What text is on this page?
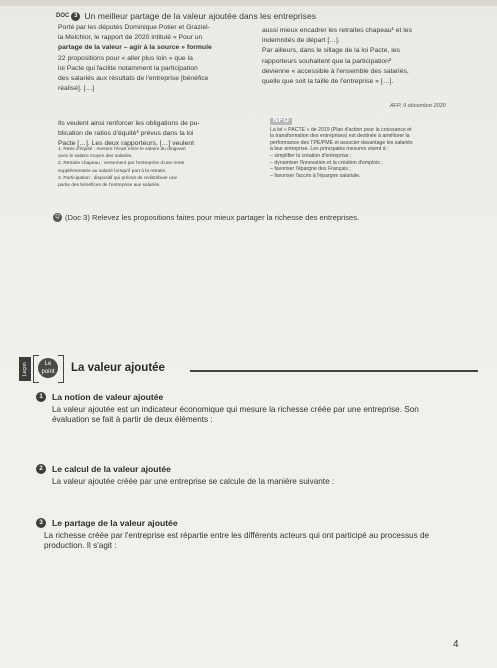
DOC 3 Un meilleur partage de la valeur ajoutée dans les entreprises

Porté par les députés Dominique Potier et Graziel-

la Melchior, le rapport de 2020 intitulé « Pour un

partage de la valeur – agir à la source » formule

22 propositions pour « aller plus loin » que la

loi Pacte qui facilite notamment la participation

des salariés aux résultats de l'entreprise [bénéfice

réalisé]. […]

aussi mieux encadrer les retraites chapeau¹ et les

indemnités de départ […].

Par ailleurs, dans le sillage de la loi Pacte, les

rapporteurs souhaitent que la participation²

devienne « accessible à l'ensemble des salariés,

quelle que soit la taille de l'entreprise » […].

AFP, 9 décembre 2020

Ils veulent ainsi renforcer les obligations de pu-

blication de ratios d'équité³ prévus dans la loi

Pacte […]. Les deux rapporteurs, […] veulent

1. Ratio d'équité : mesure l'écart entre le salaire du dirigeant
avec le salaire moyen des salariés.
2. Retraite chapeau : versement par l'entreprise d'une rente
supplémentaire au salarié lorsqu'il part à la retraite.
3. Participation : dispositif qui prévoit de redistribuer une
partie des bénéfices de l'entreprise aux salariés.
NFO
La loi « PACTE » de 2019 (Plan d'action pour la croissance et
la transformation des entreprises) est destinée à améliorer la
performance des TPE/PME et associer davantage les salariés
à leur entreprise. Les principales mesures visent à :
– simplifier la création d'entreprise ;
– dynamiser l'innovation et la création d'emplois ;
– favoriser l'épargne des Français ;
– favoriser l'accès à l'épargne salariale.
Q (Doc 3) Relevez les propositions faites pour mieux partager la richesse des entreprises.
Leçon	Le point	La valeur ajoutée
1	La notion de valeur ajoutée
La valeur ajoutée est un indicateur économique qui mesure la richesse créée par une entreprise. Son
évaluation se fait à partir de deux éléments :
2	Le calcul de la valeur ajoutée
La valeur ajoutée créée par une entreprise se calcule de la manière suivante :
3	Le partage de la valeur ajoutée
La richesse créée par l'entreprise est répartie entre les différents acteurs qui ont participé au processus de
production. Il s'agit :
4
